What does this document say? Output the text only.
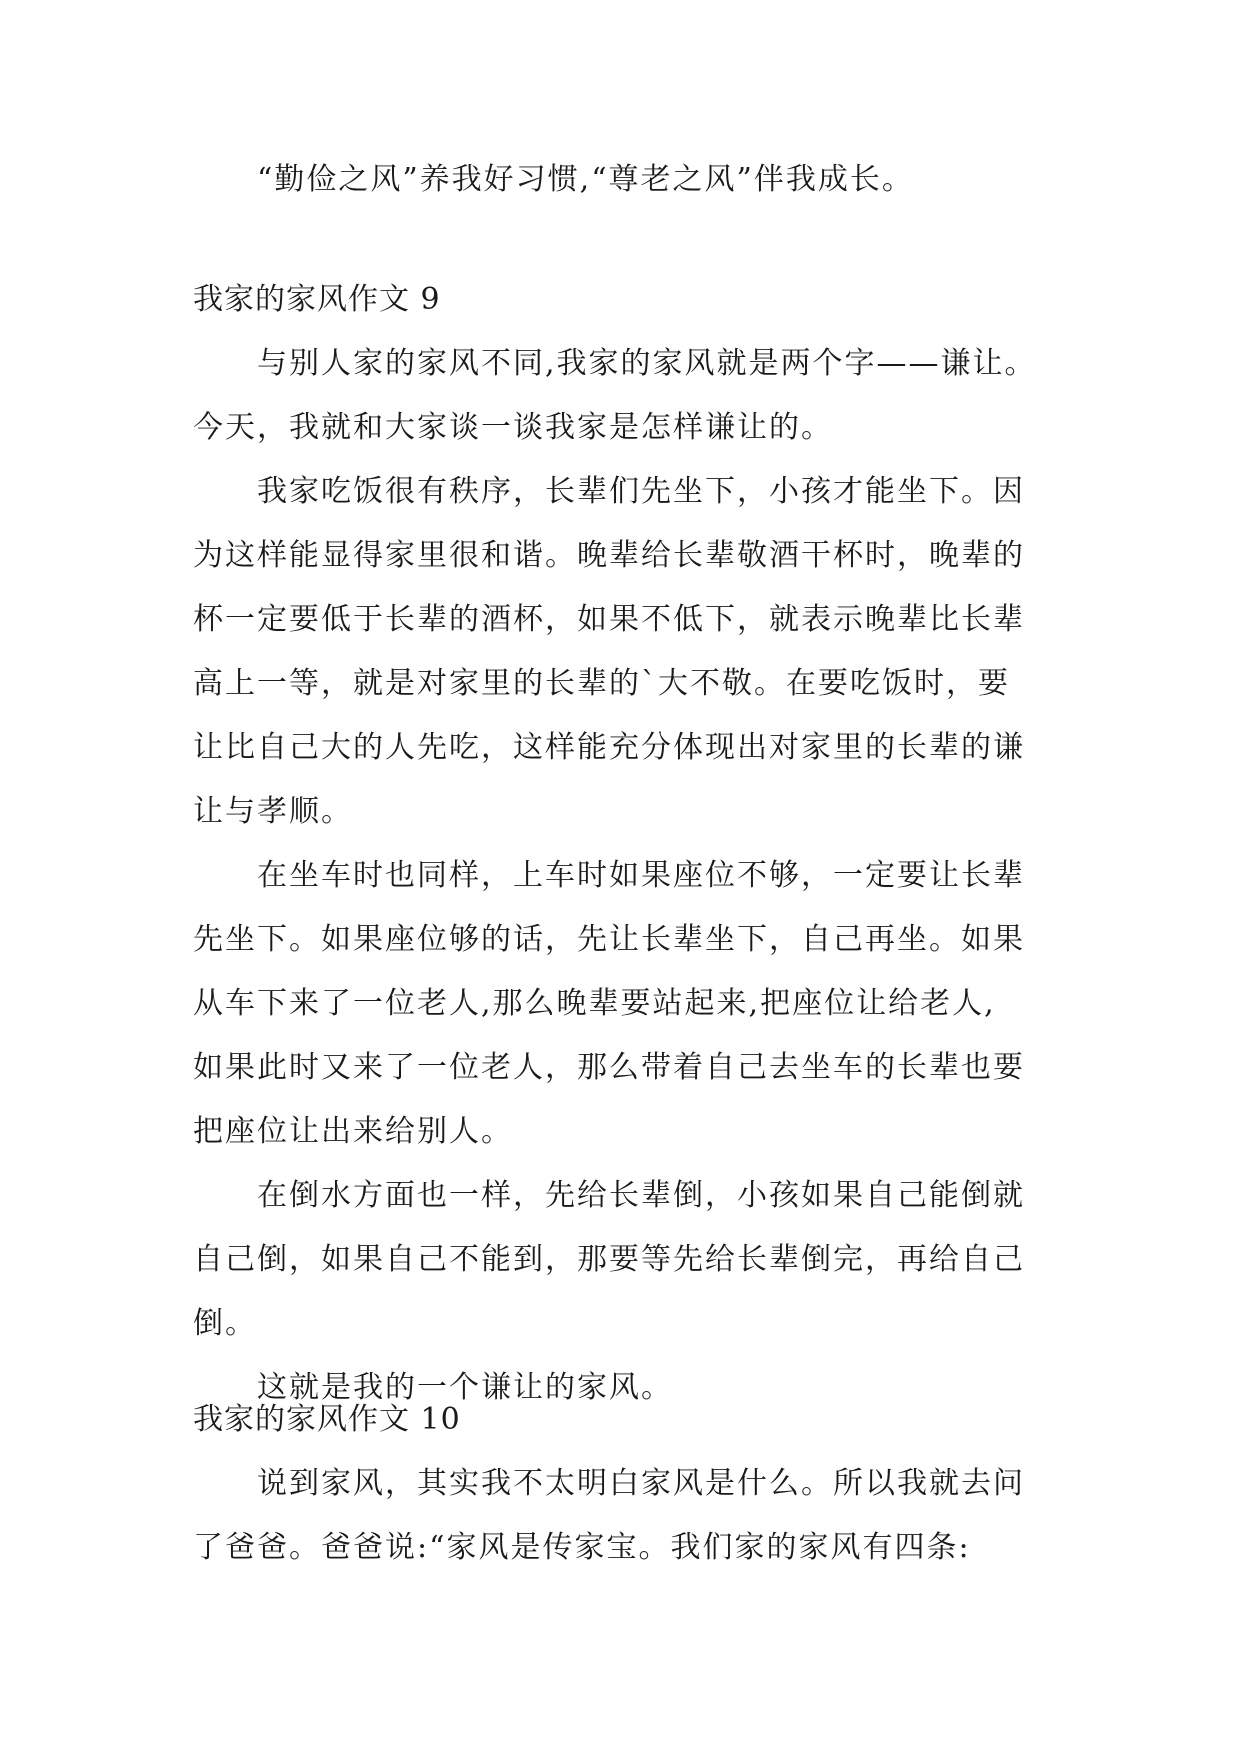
“勤俭之风”养我好习惯,“尊老之风”伴我成长。
我家的家风作文 9
与别人家的家风不同,我家的家风就是两个字——谦让。
今天，我就和大家谈一谈我家是怎样谦让的。
我家吃饭很有秩序，长辈们先坐下，小孩才能坐下。因
为这样能显得家里很和谐。晚辈给长辈敬酒干杯时，晚辈的
杯一定要低于长辈的酒杯，如果不低下，就表示晚辈比长辈
高上一等，就是对家里的长辈的`大不敬。在要吃饭时，要
让比自己大的人先吃，这样能充分体现出对家里的长辈的谦
让与孝顺。
在坐车时也同样，上车时如果座位不够，一定要让长辈
先坐下。如果座位够的话，先让长辈坐下，自己再坐。如果
从车下来了一位老人,那么晚辈要站起来,把座位让给老人,
如果此时又来了一位老人，那么带着自己去坐车的长辈也要
把座位让出来给别人。
在倒水方面也一样，先给长辈倒，小孩如果自己能倒就
自己倒，如果自己不能到，那要等先给长辈倒完，再给自己
倒。
这就是我的一个谦让的家风。
我家的家风作文 10
说到家风，其实我不太明白家风是什么。所以我就去问
了爸爸。爸爸说:“家风是传家宝。我们家的家风有四条:
